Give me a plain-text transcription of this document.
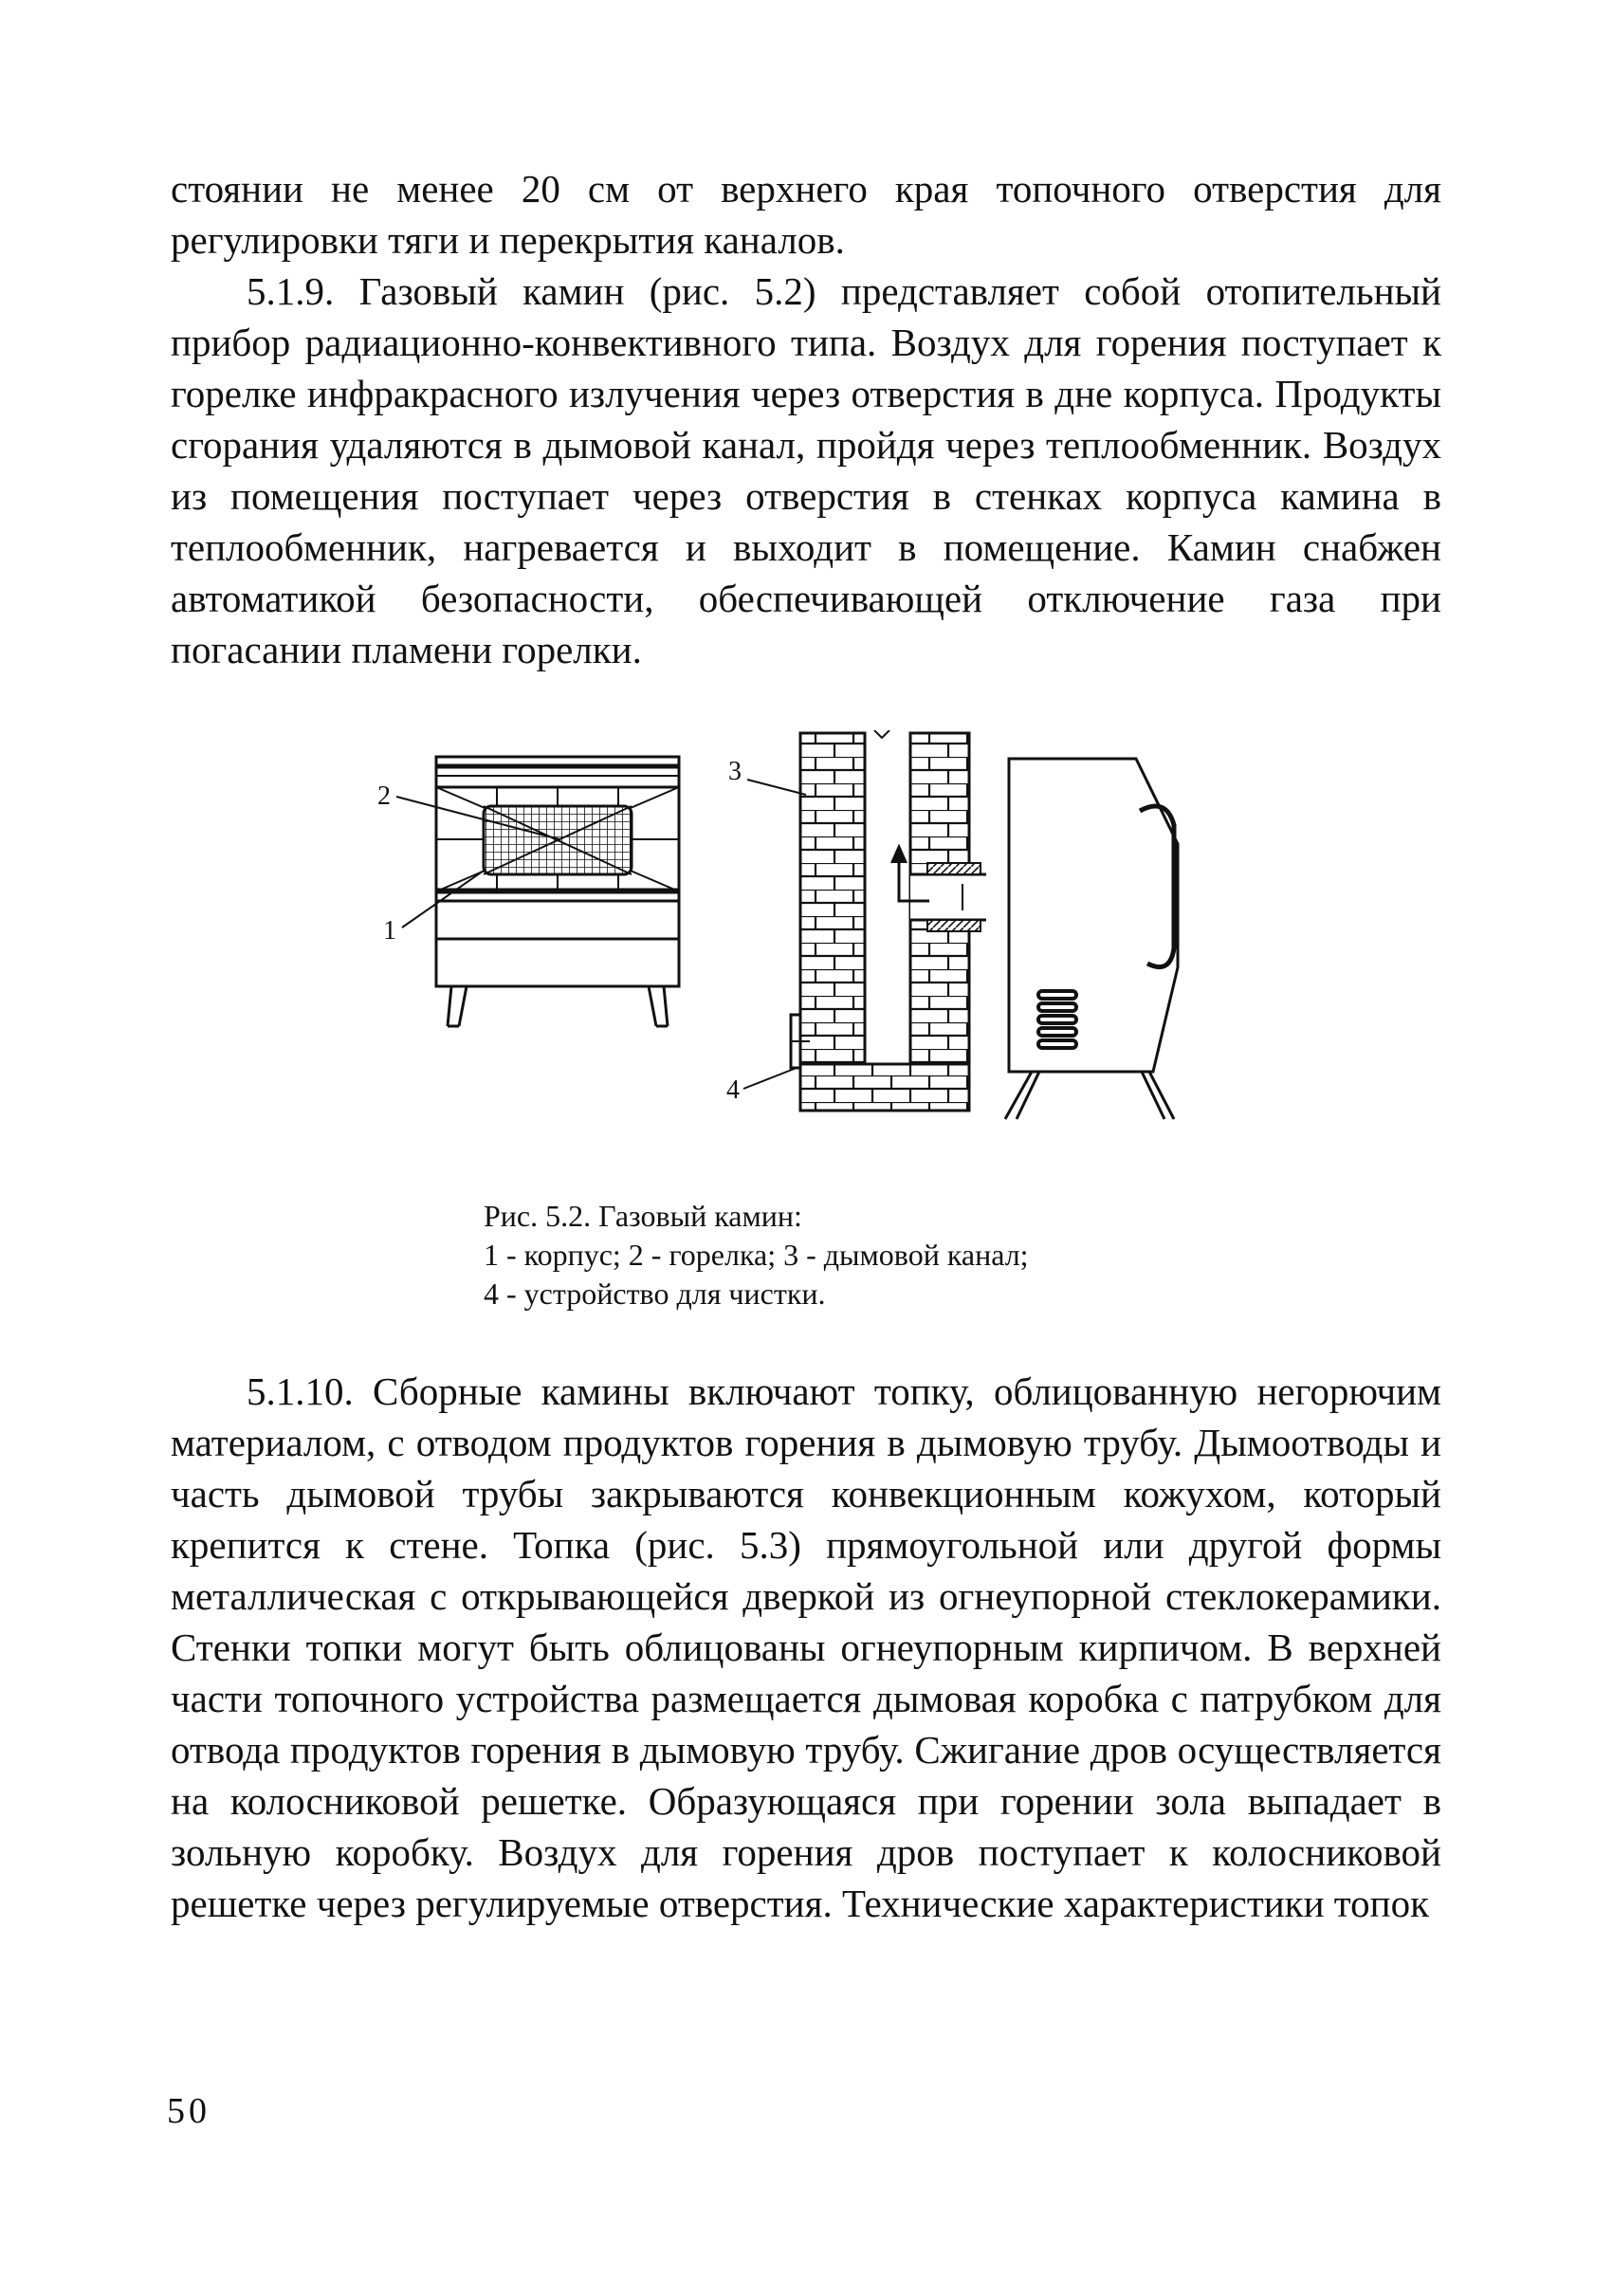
стоянии не менее 20 см от верхнего края топочного отверстия для регулировки тяги и перекрытия каналов.

5.1.9. Газовый камин (рис. 5.2) представляет собой отопительный прибор радиационно-конвективного типа. Воздух для горения поступает к горелке инфракрасного излучения через отверстия в дне корпуса. Продукты сгорания удаляются в дымовой канал, пройдя через теплообменник. Воздух из помещения поступает через отверстия в стенках корпуса камина в теплообменник, нагревается и выходит в помещение. Камин снабжен автоматикой безопасности, обеспечивающей отключение газа при погасании пламени горелки.

2
1
3
4
Рис. 5.2. Газовый камин:
1 - корпус; 2 - горелка; 3 - дымовой канал;
4 - устройство для чистки.

5.1.10. Сборные камины включают топку, облицованную негорючим материалом, с отводом продуктов горения в дымовую трубу. Дымоотводы и часть дымовой трубы закрываются конвекционным кожухом, который крепится к стене. Топка (рис. 5.3) прямоугольной или другой формы металлическая с открывающейся дверкой из огнеупорной стеклокерамики. Стенки топки могут быть облицованы огнеупорным кирпичом. В верхней части топочного устройства размещается дымовая коробка с патрубком для отвода продуктов горения в дымовую трубу. Сжигание дров осуществляется на колосниковой решетке. Образующаяся при горении зола выпадает в зольную коробку. Воздух для горения дров поступает к колосниковой решетке через регулируемые отверстия. Технические характеристики топок

50
